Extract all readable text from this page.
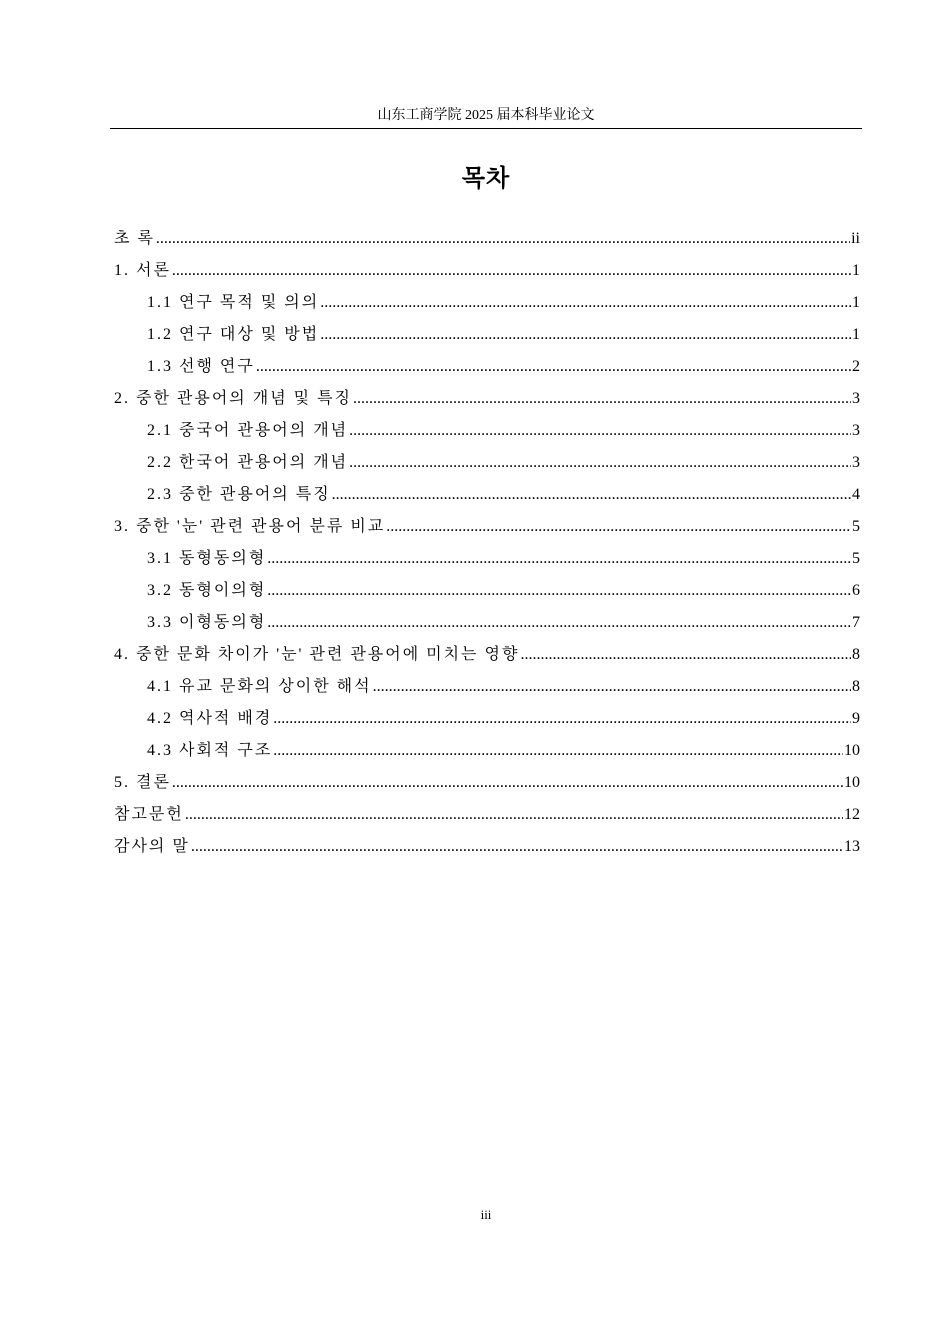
山东工商学院 2025 届本科毕业论文
목차
초 록 .....	ii
1. 서론 .....	1
1.1 연구 목적 및 의의 .....	1
1.2 연구 대상 및 방법 .....	1
1.3 선행 연구 .....	2
2. 중한 관용어의 개념 및 특징 .....	3
2.1 중국어 관용어의 개념 .....	3
2.2 한국어 관용어의 개념 .....	3
2.3 중한 관용어의 특징 .....	4
3. 중한 '눈' 관련 관용어 분류 비교 .....	5
3.1 동형동의형 .....	5
3.2 동형이의형 .....	6
3.3 이형동의형 .....	7
4. 중한 문화 차이가 '눈' 관련 관용어에 미치는 영향 .....	8
4.1 유교 문화의 상이한 해석 .....	8
4.2 역사적 배경 .....	9
4.3 사회적 구조 .....	10
5. 결론 .....	10
참고문헌 .....	12
감사의 말 .....	13
iii
